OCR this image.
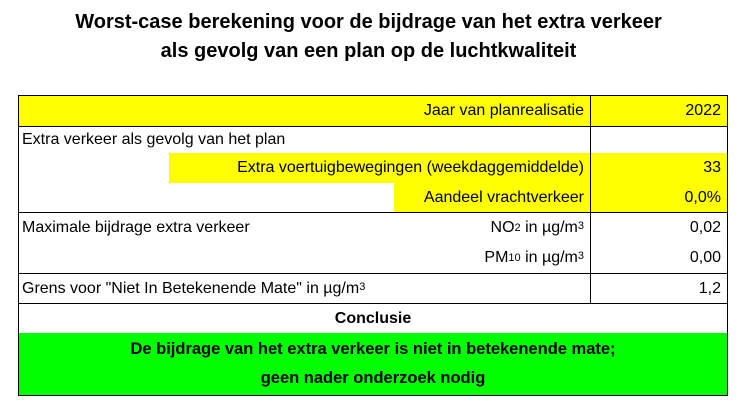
Worst-case berekening voor de bijdrage van het extra verkeer
als gevolg van een plan op de luchtkwaliteit
Jaar van planrealisatie	2022
Extra verkeer als gevolg van het plan
Extra voertuigbewegingen (weekdaggemiddelde)	33
Aandeel vrachtverkeer	0,0%
Maximale bijdrage extra verkeer	NO 2 in $\mu g/m^3$	0,02
PM 10 in $\mu g/m^3$	0,00
Grens voor "Niet In Betekenende Mate" in $\mu g/m^3$	1,2
Conclusie
De bijdrage van het extra verkeer is niet in betekenende mate;
geen nader onderzoek nodig
